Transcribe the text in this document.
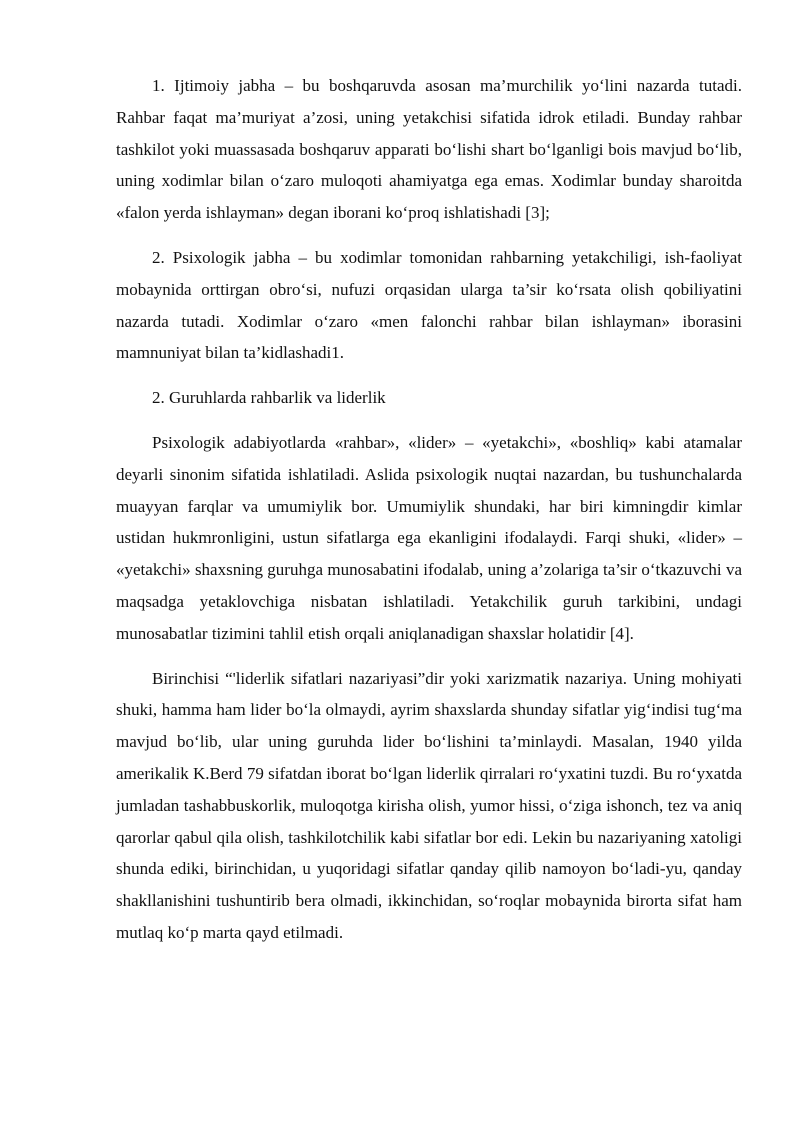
1. Ijtimoiy jabha – bu boshqaruvda asosan ma’murchilik yo‘lini nazarda tutadi. Rahbar faqat ma’muriyat a’zosi, uning yetakchisi sifatida idrok etiladi. Bunday rahbar tashkilot yoki muassasada boshqaruv apparati bo‘lishi shart bo‘lganligi bois mavjud bo‘lib, uning xodimlar bilan o‘zaro muloqoti ahamiyatga ega emas. Xodimlar bunday sharoitda «falon yerda ishlayman» degan iborani ko‘proq ishlatishadi [3];

2. Psixologik jabha – bu xodimlar tomonidan rahbarning yetakchiligi, ish-faoliyat mobaynida orttirgan obro‘si, nufuzi orqasidan ularga ta’sir ko‘rsata olish qobiliyatini nazarda tutadi. Xodimlar o‘zaro «men falonchi rahbar bilan ishlayman» iborasini mamnuniyat bilan ta’kidlashadi1.

2. Guruhlarda rahbarlik va liderlik

Psixologik adabiyotlarda «rahbar», «lider» – «yetakchi», «boshliq» kabi atamalar deyarli sinonim sifatida ishlatiladi. Aslida psixologik nuqtai nazardan, bu tushunchalarda muayyan farqlar va umumiylik bor. Umumiylik shundaki, har biri kimningdir kimlar ustidan hukmronligini, ustun sifatlarga ega ekanligini ifodalaydi. Farqi shuki, «lider» – «yetakchi» shaxsning guruhga munosabatini ifodalab, uning a’zolariga ta’sir o‘tkazuvchi va maqsadga yetaklovchiga nisbatan ishlatiladi. Yetakchilik guruh tarkibini, undagi munosabatlar tizimini tahlil etish orqali aniqlanadigan shaxslar holatidir [4].

Birinchisi “'liderlik sifatlari nazariyasi”dir yoki xarizmatik nazariya. Uning mohiyati shuki, hamma ham lider bo‘la olmaydi, ayrim shaxslarda shunday sifatlar yig‘indisi tug‘ma mavjud bo‘lib, ular uning guruhda lider bo‘lishini ta’minlaydi. Masalan, 1940 yilda amerikalik K.Berd 79 sifatdan iborat bo‘lgan liderlik qirralari ro‘yxatini tuzdi. Bu ro‘yxatda jumladan tashabbuskorlik, muloqotga kirisha olish, yumor hissi, o‘ziga ishonch, tez va aniq qarorlar qabul qila olish, tashkilotchilik kabi sifatlar bor edi. Lekin bu nazariyaning xatoligi shunda ediki, birinchidan, u yuqoridagi sifatlar qanday qilib namoyon bo‘ladi-yu, qanday shakllanishini tushuntirib bera olmadi, ikkinchidan, so‘roqlar mobaynida birorta sifat ham mutlaq ko‘p marta qayd etilmadi.
